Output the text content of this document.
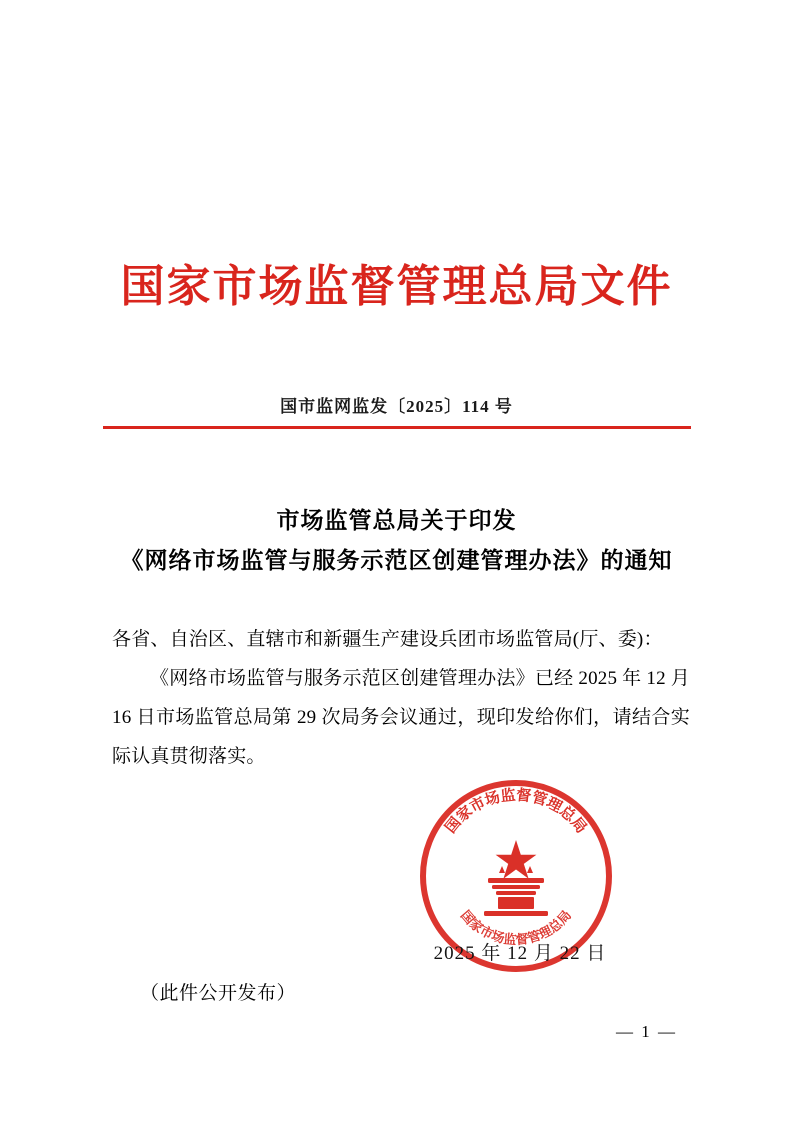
国家市场监督管理总局文件
国市监网监发〔2025〕114 号
市场监管总局关于印发
《网络市场监管与服务示范区创建管理办法》的通知
各省、自治区、直辖市和新疆生产建设兵团市场监管局(厅、委)：
《网络市场监管与服务示范区创建管理办法》已经 2025 年 12 月 16 日市场监管总局第 29 次局务会议通过，现印发给你们，请结合实际认真贯彻落实。
国家市场监督管理总局
国家市场监督管理总局
2025 年 12 月 22 日
（此件公开发布）
— 1 —
